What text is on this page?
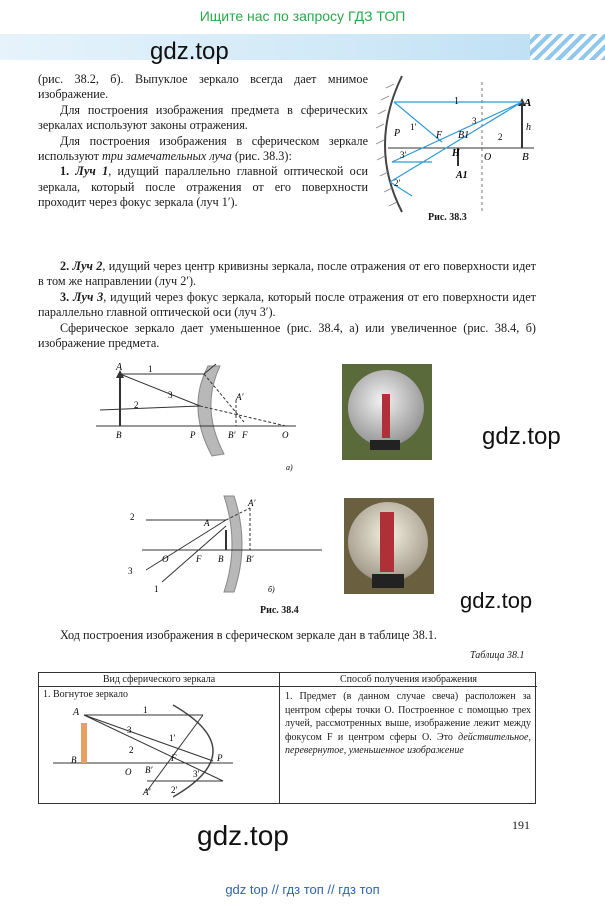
Ищите нас по запросу ГДЗ ТОП
gdz.top
gdz.top
gdz.top
gdz.top

(рис. 38.2, б). Выпуклое зеркало всегда дает мнимое изображение.

Для построения изображения предмета в сферических зеркалах используют законы отражения.

Для построения изображения в сферическом зеркале используют три замечательных луча (рис. 38.3):

1. Луч 1, идущий параллельно главной оптической оси зеркала, который после отражения от его поверхности проходит через фокус зеркала (луч 1′).

2. Луч 2, идущий через центр кривизны зеркала, после отражения от его поверхности идет в том же направлении (луч 2′).

3. Луч 3, идущий через фокус зеркала, который после отражения от его поверхности идет параллельно главной оптической оси (луч 3′).

Сферическое зеркало дает уменьшенное (рис. 38.4, а) или увеличенное (рис. 38.4, б) изображение предмета.

1	A
h
B
P	F B1
O
1′
3
2
3′	H
A1
2′
Рис. 38.3
A	1
3	A′
2
B	P	B′ F	O
а)
A′
2
A
3
O	F B	B′
1	б)
Рис. 38.4
Ход построения изображения в сферическом зеркале дан в таблице 38.1.
Таблица 38.1
Вид сферического зеркала	Способ получения изображения
1. Вогнутое зеркало	1. Предмет (в данном случае свеча) расположен за центром сферы точки O. Построенное с помощью трех лучей, рассмотренных выше, изображение лежит между фокусом F и центром сферы O. Это действительное, перевернутое, уменьшенное изображение
A	1
3
1′
2
B
O
F
B′	3′
P
A′ 2′
191
gdz top // гдз топ // гдз топ
